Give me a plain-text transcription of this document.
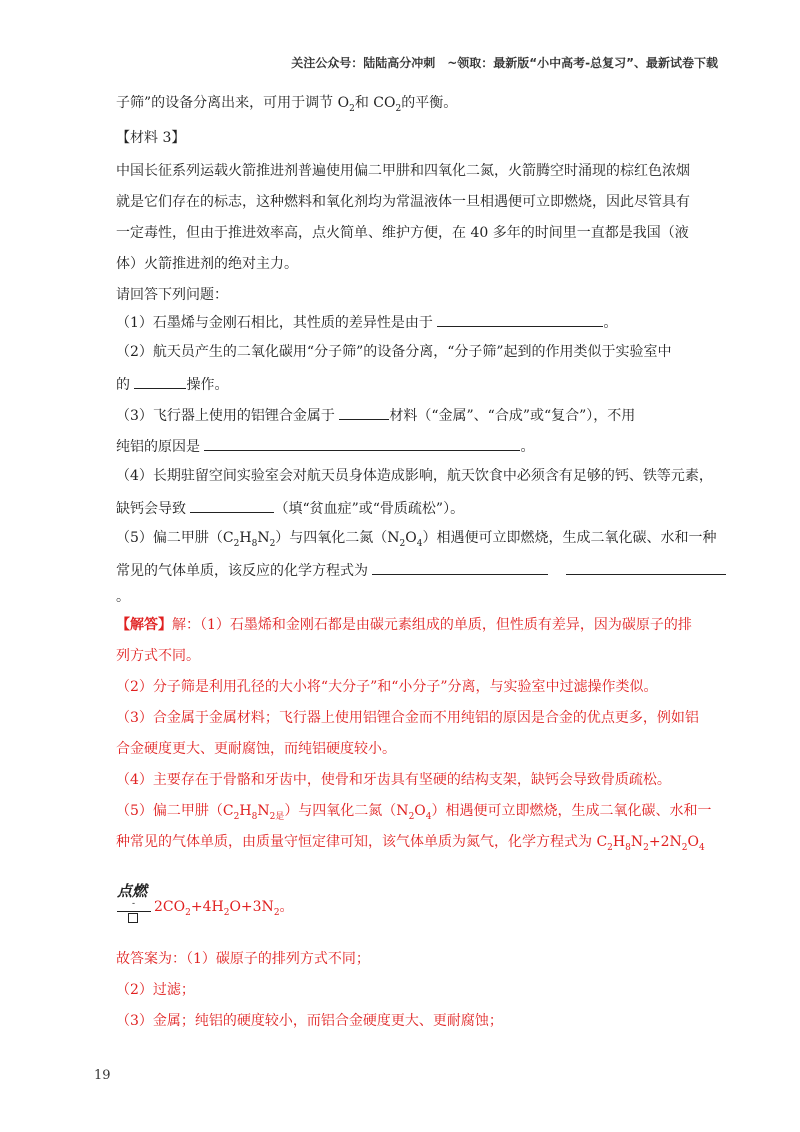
关注公众号：陆陆高分冲刺　~领取：最新版“小中高考-总复习”、最新试卷下载
子筛”的设备分离出来，可用于调节 $O_2$和 $CO_2$的平衡。
【材料 3】
中国长征系列运载火箭推进剂普遍使用偏二甲肼和四氧化二氮，火箭腾空时涌现的棕红色浓烟
就是它们存在的标志，这种燃料和氧化剂均为常温液体一旦相遇便可立即燃烧，因此尽管具有
一定毒性，但由于推进效率高，点火简单、维护方便，在 40 多年的时间里一直都是我国（液
体）火箭推进剂的绝对主力。
请回答下列问题：
（1）石墨烯与金刚石相比，其性质的差异性是由于	。
（2）航天员产生的二氧化碳用“分子筛”的设备分离，“分子筛”起到的作用类似于实验室中
的	操作。
（3）飞行器上使用的铝锂合金属于	材料（“金属”、“合成”或“复合”），不用
纯铝的原因是	。
（4）长期驻留空间实验室会对航天员身体造成影响，航天饮食中必须含有足够的钙、铁等元素，
缺钙会导致	（填“贫血症”或“骨质疏松”）。
（5）偏二甲肼$(C_2H_8N_2)$与四氧化二氮$(N_2O_4)$相遇便可立即燃烧，生成二氧化碳、水和一种
常见的气体单质，该反应的化学方程式为
。
【解答】解：（1）石墨烯和金刚石都是由碳元素组成的单质，但性质有差异，因为碳原子的排
列方式不同。
（2）分子筛是利用孔径的大小将“大分子”和“小分子”分离，与实验室中过滤操作类似。
（3）合金属于金属材料；飞行器上使用铝锂合金而不用纯铝的原因是合金的优点更多，例如铝
合金硬度更大、更耐腐蚀，而纯铝硬度较小。
（4）主要存在于骨骼和牙齿中，使骨和牙齿具有坚硬的结构支架，缺钙会导致骨质疏松。
（5）偏二甲肼$(C_2H_8N_{2是})$与四氧化二氮$(N_2O_4)$相遇便可立即燃烧，生成二氧化碳、水和一
种常见的气体单质，由质量守恒定律可知，该气体单质为氮气，化学方程式为 $C_2H_8N_2+2N_2O_4$
点燃
- $2CO_2+4H_2O+3N_2$。
故答案为：（1）碳原子的排列方式不同；
（2）过滤；
（3）金属；纯铝的硬度较小，而铝合金硬度更大、更耐腐蚀；
19
